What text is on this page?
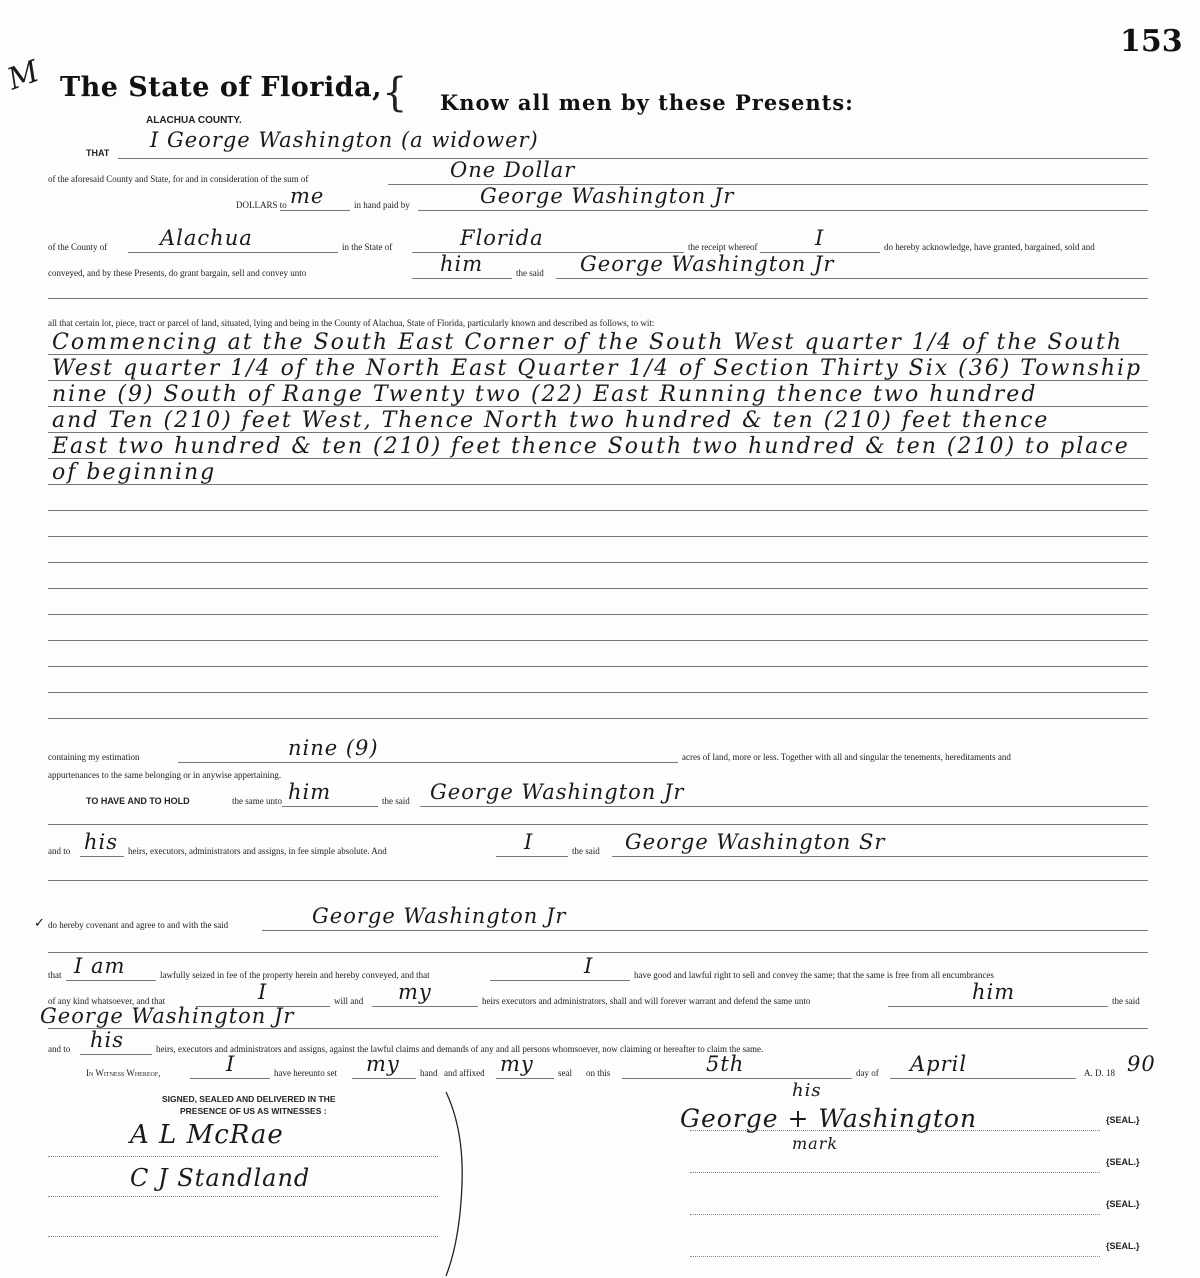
153
M The State of Florida, {
ALACHUA COUNTY.
Know all men by these Presents:
THAT
I George Washington (a widower)
of the aforesaid County and State, for and in consideration of the sum of	One Dollar
DOLLARS to me	in hand paid by	George Washington Jr
of the County of	Alachua	in the State of	Florida	the receipt whereof	I	do hereby acknowledge, have granted, bargained, sold and
conveyed, and by these Presents, do grant bargain, sell and convey unto	him	the said George Washington Jr
all that certain lot, piece, tract or parcel of land, situated, lying and being in the County of Alachua, State of Florida, particularly known and described as follows, to wit:
Commencing at the South East Corner of the South West quarter 1/4 of the South
West quarter 1/4 of the North East Quarter 1/4 of Section Thirty Six (36) Township
nine (9) South of Range Twenty two (22) East Running thence two hundred
and Ten (210) feet West, Thence North two hundred & ten (210) feet thence
East two hundred & ten (210) feet thence South two hundred & ten (210) to place
of beginning
containing my estimation	nine (9)	acres of land, more or less. Together with all and singular the tenements, hereditaments and
appurtenances to the same belonging or in anywise appertaining.
TO HAVE AND TO HOLD	the same unto him	the said George Washington Jr
and to his heirs, executors, administrators and assigns, in fee simple absolute. And	I	the said George Washington Sr
✓ do hereby covenant and agree to and with the said	George Washington Jr
that I am	lawfully seized in fee of the property herein and hereby conveyed, and that	I	have good and lawful right to sell and convey the same; that the same is free from all encumbrances
of any kind whatsoever, and that	I	will and my	heirs executors and administrators, shall and will forever warrant and defend the same unto	him	the said
George Washington Jr
and to his	heirs, executors and administrators and assigns, against the lawful claims and demands of any and all persons whomsoever, now claiming or hereafter to claim the same.
In Witness Whereof,	I	have hereunto set my hand and affixed my	seal on this	5th	day of April	A. D. 18 90
SIGNED, SEALED AND DELIVERED IN THE
PRESENCE OF US AS WITNESSES :
A L McRae
C J Standland
his
George + Washington
mark
{SEAL.}
{SEAL.}
{SEAL.}
{SEAL.}
